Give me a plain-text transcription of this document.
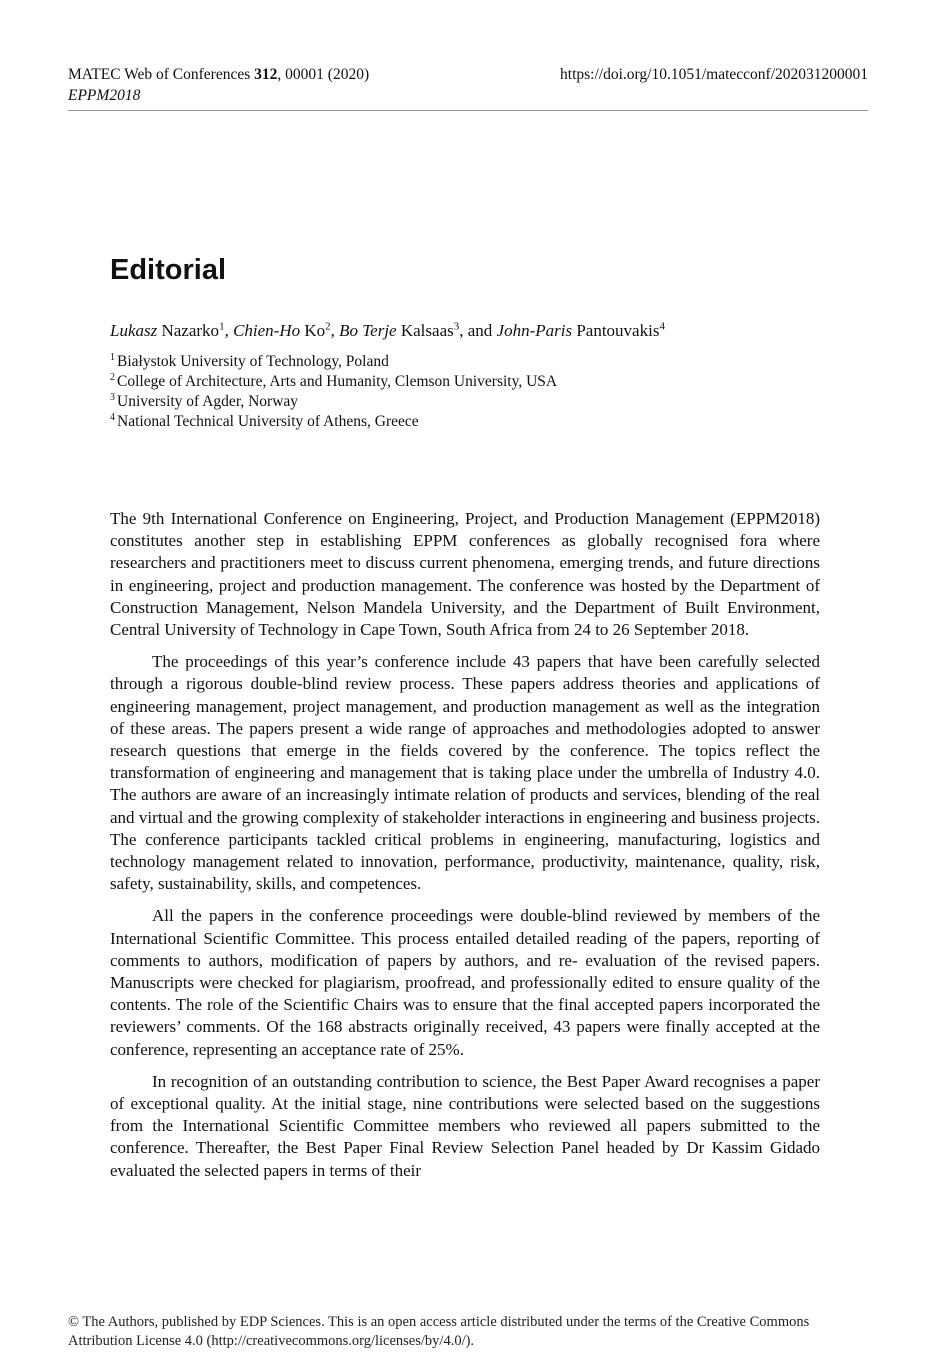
MATEC Web of Conferences 312, 00001 (2020)
EPPM2018
https://doi.org/10.1051/matecconf/202031200001
Editorial
Lukasz Nazarko$^1$, Chien-Ho Ko$^2$, Bo Terje Kalsaas$^3$, and John-Paris Pantouvakis$^4$
$^1$ Białystok University of Technology, Poland
$^2$ College of Architecture, Arts and Humanity, Clemson University, USA
$^3$ University of Agder, Norway
$^4$ National Technical University of Athens, Greece

The 9th International Conference on Engineering, Project, and Production Management (EPPM2018) constitutes another step in establishing EPPM conferences as globally recognised fora where researchers and practitioners meet to discuss current phenomena, emerging trends, and future directions in engineering, project and production management. The conference was hosted by the Department of Construction Management, Nelson Mandela University, and the Department of Built Environment, Central University of Technology in Cape Town, South Africa from 24 to 26 September 2018.

The proceedings of this year’s conference include 43 papers that have been carefully selected through a rigorous double-blind review process. These papers address theories and applications of engineering management, project management, and production management as well as the integration of these areas. The papers present a wide range of approaches and methodologies adopted to answer research questions that emerge in the fields covered by the conference. The topics reflect the transformation of engineering and management that is taking place under the umbrella of Industry 4.0. The authors are aware of an increasingly intimate relation of products and services, blending of the real and virtual and the growing complexity of stakeholder interactions in engineering and business projects. The conference participants tackled critical problems in engineering, manufacturing, logistics and technology management related to innovation, performance, productivity, maintenance, quality, risk, safety, sustainability, skills, and competences.

All the papers in the conference proceedings were double-blind reviewed by members of the International Scientific Committee. This process entailed detailed reading of the papers, reporting of comments to authors, modification of papers by authors, and re- evaluation of the revised papers. Manuscripts were checked for plagiarism, proofread, and professionally edited to ensure quality of the contents. The role of the Scientific Chairs was to ensure that the final accepted papers incorporated the reviewers’ comments. Of the 168 abstracts originally received, 43 papers were finally accepted at the conference, representing an acceptance rate of 25%.

In recognition of an outstanding contribution to science, the Best Paper Award recognises a paper of exceptional quality. At the initial stage, nine contributions were selected based on the suggestions from the International Scientific Committee members who reviewed all papers submitted to the conference. Thereafter, the Best Paper Final Review Selection Panel headed by Dr Kassim Gidado evaluated the selected papers in terms of their

© The Authors, published by EDP Sciences. This is an open access article distributed under the terms of the Creative Commons
Attribution License 4.0 (http://creativecommons.org/licenses/by/4.0/).
